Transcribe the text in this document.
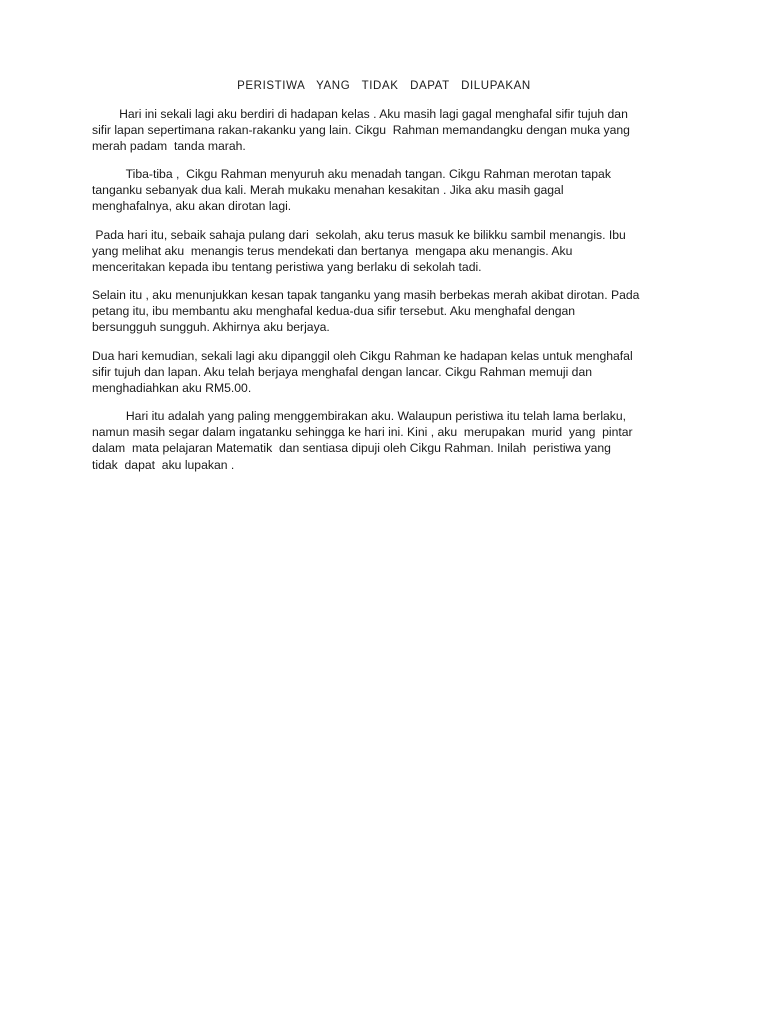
PERISTIWA  YANG  TIDAK  DAPAT  DILUPAKAN
Hari ini sekali lagi aku berdiri di hadapan kelas . Aku masih lagi gagal menghafal sifir tujuh dan
sifir lapan sepertimana rakan-rakanku yang lain. Cikgu  Rahman memandangku dengan muka yang
merah padam  tanda marah.
Tiba-tiba ,  Cikgu Rahman menyuruh aku menadah tangan. Cikgu Rahman merotan tapak
tanganku sebanyak dua kali. Merah mukaku menahan kesakitan . Jika aku masih gagal
menghafalnya, aku akan dirotan lagi.
Pada hari itu, sebaik sahaja pulang dari  sekolah, aku terus masuk ke bilikku sambil menangis. Ibu
yang melihat aku  menangis terus mendekati dan bertanya  mengapa aku menangis. Aku
menceritakan kepada ibu tentang peristiwa yang berlaku di sekolah tadi.
Selain itu , aku menunjukkan kesan tapak tanganku yang masih berbekas merah akibat dirotan. Pada
petang itu, ibu membantu aku menghafal kedua-dua sifir tersebut. Aku menghafal dengan
bersungguh sungguh. Akhirnya aku berjaya.
Dua hari kemudian, sekali lagi aku dipanggil oleh Cikgu Rahman ke hadapan kelas untuk menghafal
sifir tujuh dan lapan. Aku telah berjaya menghafal dengan lancar. Cikgu Rahman memuji dan
menghadiahkan aku RM5.00.
Hari itu adalah yang paling menggembirakan aku. Walaupun peristiwa itu telah lama berlaku,
namun masih segar dalam ingatanku sehingga ke hari ini. Kini , aku  merupakan  murid  yang  pintar
dalam  mata pelajaran Matematik  dan sentiasa dipuji oleh Cikgu Rahman. Inilah  peristiwa yang
tidak  dapat  aku lupakan .
